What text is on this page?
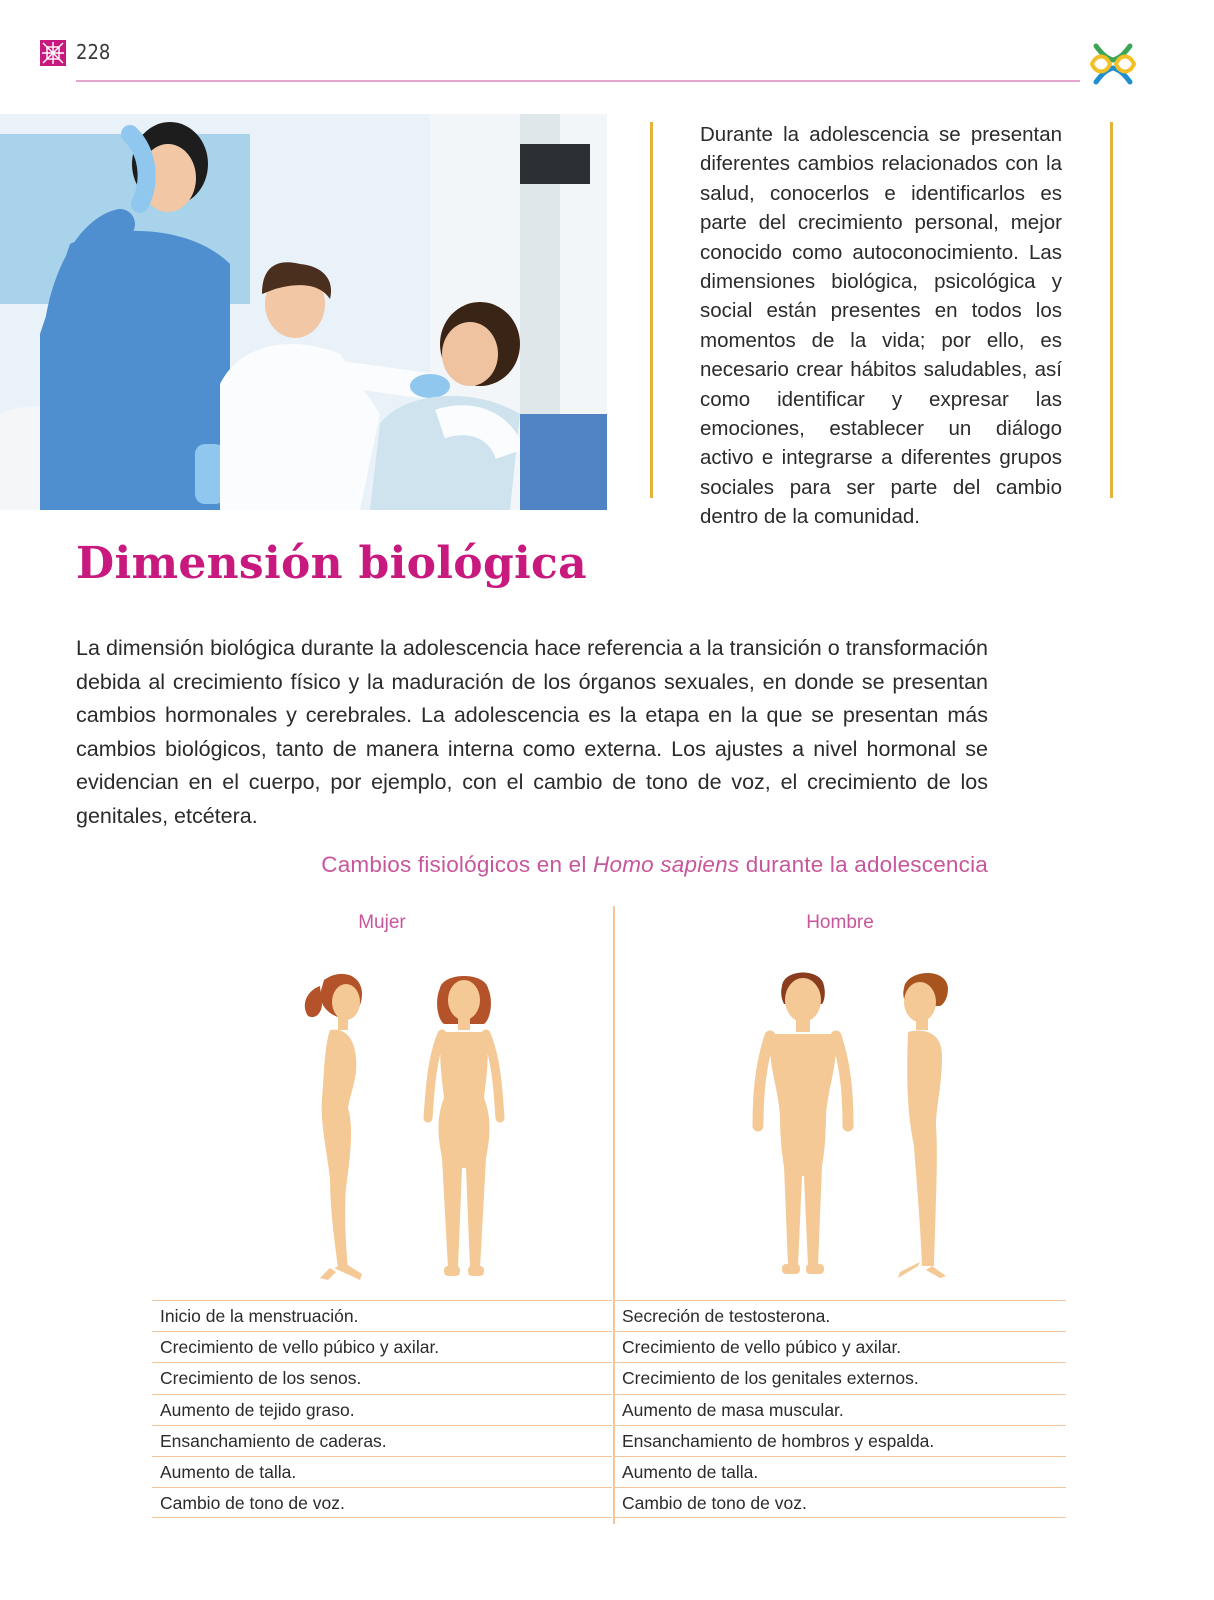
228
Durante la adolescencia se presentan diferentes cambios relacionados con la salud, conocerlos e identificarlos es parte del crecimiento personal, mejor conocido como autoconocimiento. Las dimensiones biológica, psicológica y social están presentes en todos los momentos de la vida; por ello, es necesario crear hábitos saludables, así como identificar y expresar las emociones, establecer un diálogo activo e integrarse a diferentes grupos sociales para ser parte del cambio dentro de la comunidad.
Dimensión biológica
La dimensión biológica durante la adolescencia hace referencia a la transición o transformación debida al crecimiento físico y la maduración de los órganos sexuales, en donde se presentan cambios hormonales y cerebrales. La adolescencia es la etapa en la que se presentan más cambios biológicos, tanto de manera interna como externa. Los ajustes a nivel hormonal se evidencian en el cuerpo, por ejemplo, con el cambio de tono de voz, el crecimiento de los genitales, etcétera.
Cambios fisiológicos en el Homo sapiens durante la adolescencia
Mujer	Hombre
Inicio de la menstruación.
Crecimiento de vello púbico y axilar.
Crecimiento de los senos.
Aumento de tejido graso.
Ensanchamiento de caderas.
Aumento de talla.
Cambio de tono de voz.
Secreción de testosterona.
Crecimiento de vello púbico y axilar.
Crecimiento de los genitales externos.
Aumento de masa muscular.
Ensanchamiento de hombros y espalda.
Aumento de talla.
Cambio de tono de voz.
